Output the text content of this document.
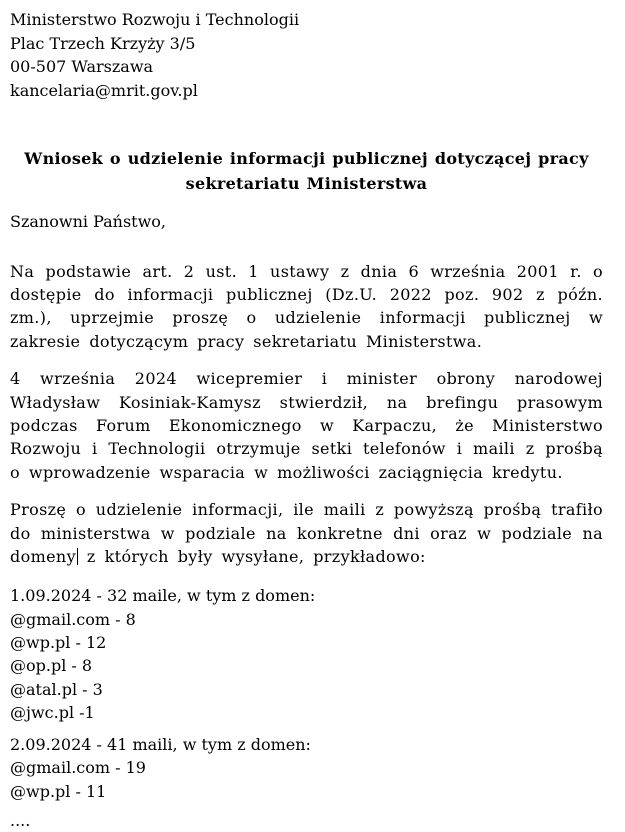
Ministerstwo Rozwoju i Technologii

Plac Trzech Krzyży 3/5

00-507 Warszawa

kancelaria@mrit.gov.pl

Wniosek o udzielenie informacji publicznej dotyczącej pracy sekretariatu Ministerstwa

Szanowni Państwo,

Na podstawie art. 2 ust. 1 ustawy z dnia 6 września 2001 r. o dostępie do informacji publicznej (Dz.U. 2022 poz. 902 z późn. zm.), uprzejmie proszę o udzielenie informacji publicznej w zakresie dotyczącym pracy sekretariatu Ministerstwa.

4 września 2024 wicepremier i minister obrony narodowej Władysław Kosiniak-Kamysz stwierdził, na brefingu prasowym podczas Forum Ekonomicznego w Karpaczu, że Ministerstwo Rozwoju i Technologii otrzymuje setki telefonów i maili z prośbą o wprowadzenie wsparacia w możliwości zaciągnięcia kredytu.

Proszę o udzielenie informacji, ile maili z powyższą prośbą trafiło do ministerstwa w podziale na konkretne dni oraz w podziale na domeny z których były wysyłane, przykładowo:

1.09.2024 - 32 maile, w tym z domen:

@gmail.com - 8

@wp.pl - 12

@op.pl - 8

@atal.pl - 3

@jwc.pl -1

2.09.2024 - 41 maili, w tym z domen:

@gmail.com - 19

@wp.pl - 11

....
